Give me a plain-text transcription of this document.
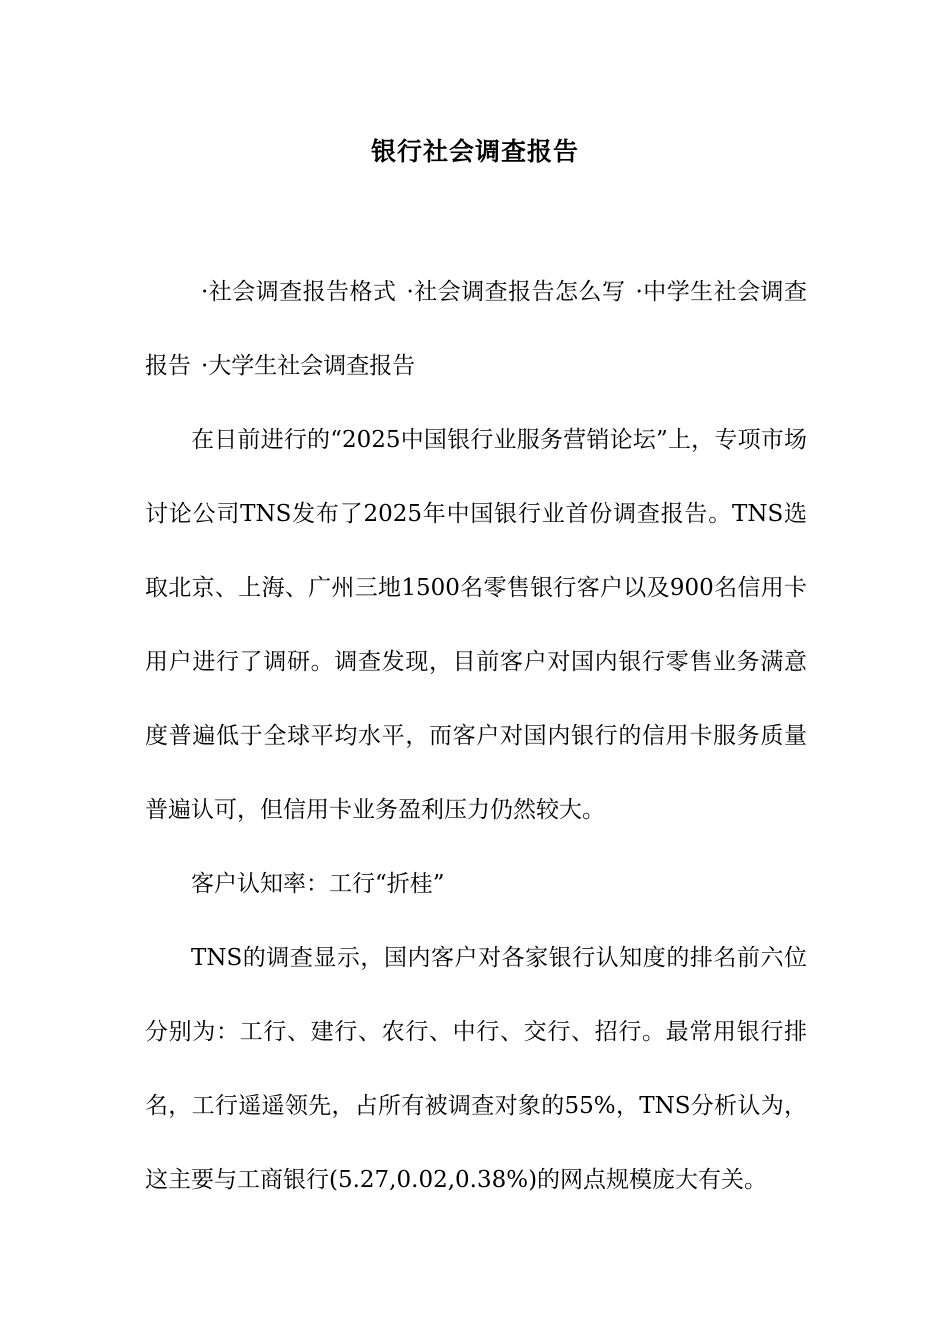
银行社会调查报告

·社会调查报告格式 ·社会调查报告怎么写 ·中学生社会调查报告 ·大学生社会调查报告

在日前进行的“2025中国银行业服务营销论坛”上，专项市场讨论公司TNS发布了2025年中国银行业首份调查报告。TNS选取北京、上海、广州三地1500名零售银行客户以及900名信用卡用户进行了调研。调查发现，目前客户对国内银行零售业务满意度普遍低于全球平均水平，而客户对国内银行的信用卡服务质量普遍认可，但信用卡业务盈利压力仍然较大。

客户认知率：工行“折桂”

TNS的调查显示，国内客户对各家银行认知度的排名前六位分别为：工行、建行、农行、中行、交行、招行。最常用银行排名，工行遥遥领先，占所有被调查对象的55%，TNS分析认为，这主要与工商银行(5.27,0.02,0.38%)的网点规模庞大有关。
